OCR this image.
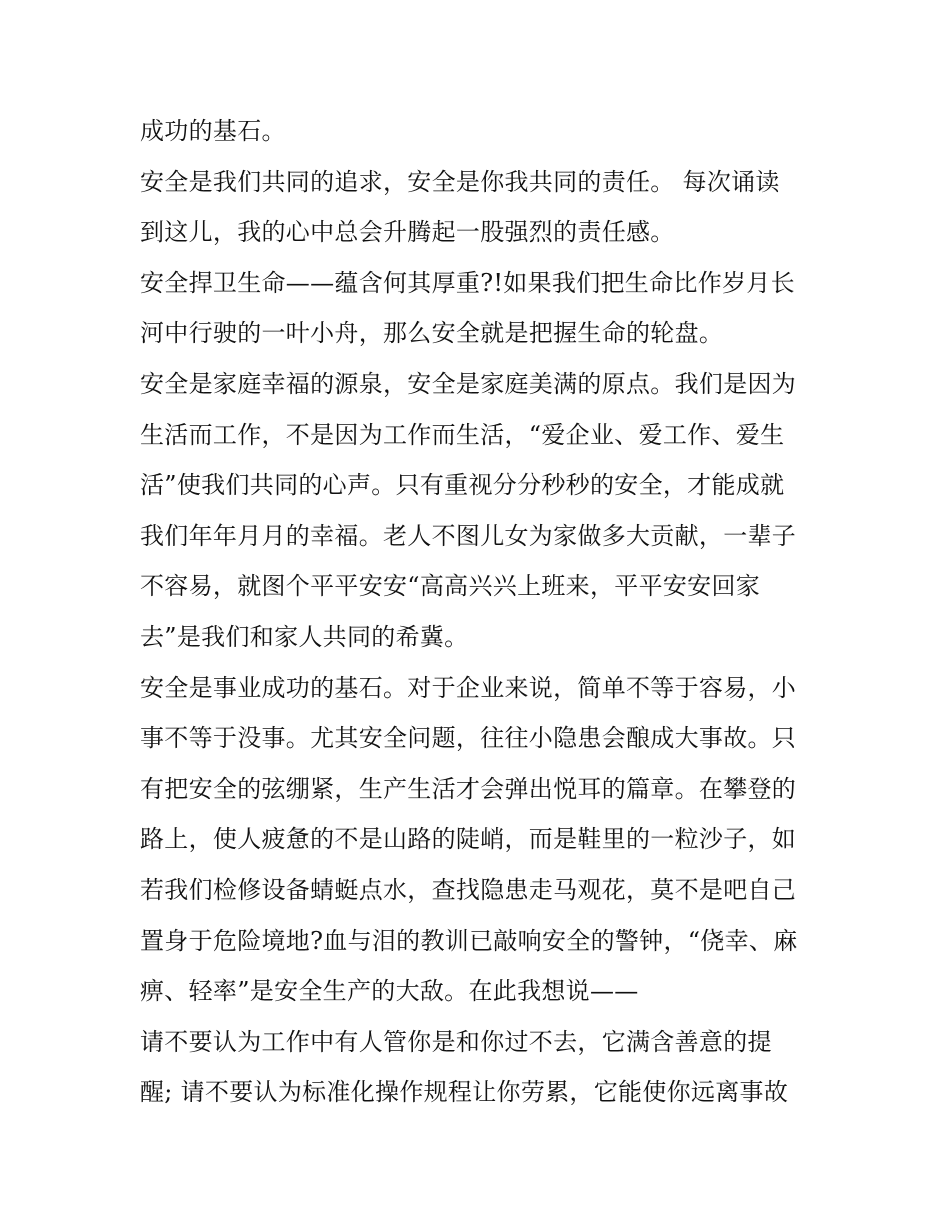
成功的基石。
安全是我们共同的追求，安全是你我共同的责任。 每次诵读
到这儿，我的心中总会升腾起一股强烈的责任感。
安全捍卫生命——蕴含何其厚重?!如果我们把生命比作岁月长
河中行驶的一叶小舟，那么安全就是把握生命的轮盘。
安全是家庭幸福的源泉，安全是家庭美满的原点。我们是因为
生活而工作，不是因为工作而生活，“爱企业、爱工作、爱生
活”使我们共同的心声。只有重视分分秒秒的安全，才能成就
我们年年月月的幸福。老人不图儿女为家做多大贡献，一辈子
不容易，就图个平平安安“高高兴兴上班来，平平安安回家
去”是我们和家人共同的希冀。
安全是事业成功的基石。对于企业来说，简单不等于容易，小
事不等于没事。尤其安全问题，往往小隐患会酿成大事故。只
有把安全的弦绷紧，生产生活才会弹出悦耳的篇章。在攀登的
路上，使人疲惫的不是山路的陡峭，而是鞋里的一粒沙子，如
若我们检修设备蜻蜓点水，查找隐患走马观花，莫不是吧自己
置身于危险境地?血与泪的教训已敲响安全的警钟，“侥幸、麻
痹、轻率”是安全生产的大敌。在此我想说——
请不要认为工作中有人管你是和你过不去，它满含善意的提
醒; 请不要认为标准化操作规程让你劳累，它能使你远离事故
